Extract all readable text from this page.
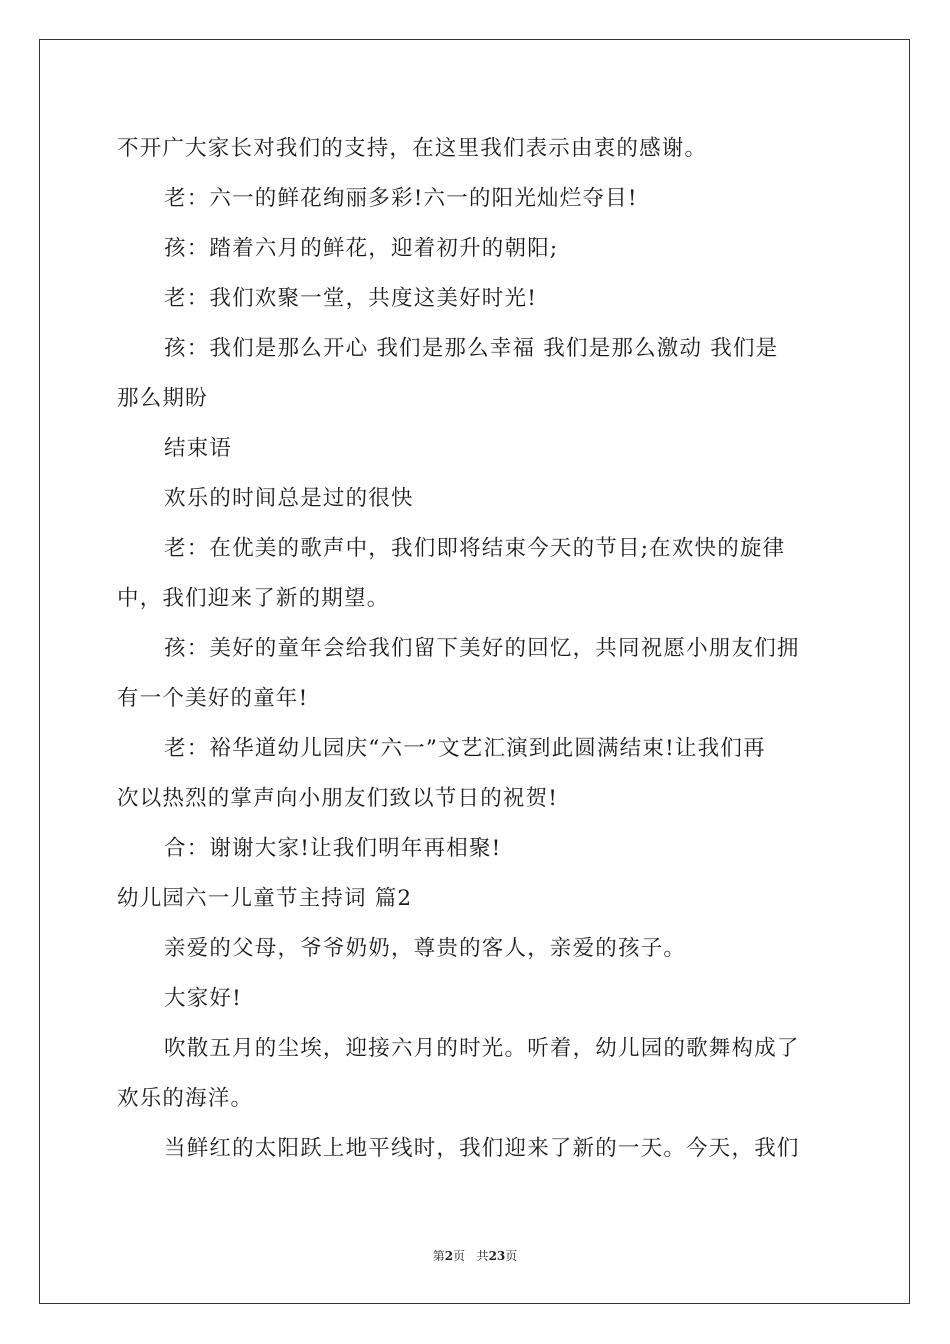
不开广大家长对我们的支持，在这里我们表示由衷的感谢。
老：六一的鲜花绚丽多彩!六一的阳光灿烂夺目!
孩：踏着六月的鲜花，迎着初升的朝阳;
老：我们欢聚一堂，共度这美好时光!
孩：我们是那么开心 我们是那么幸福 我们是那么激动 我们是
那么期盼
结束语
欢乐的时间总是过的很快
老：在优美的歌声中，我们即将结束今天的节目;在欢快的旋律
中，我们迎来了新的期望。
孩：美好的童年会给我们留下美好的回忆，共同祝愿小朋友们拥
有一个美好的童年!
老：裕华道幼儿园庆“六一”文艺汇演到此圆满结束!让我们再
次以热烈的掌声向小朋友们致以节日的祝贺!
合：谢谢大家!让我们明年再相聚!
幼儿园六一儿童节主持词 篇2
亲爱的父母，爷爷奶奶，尊贵的客人，亲爱的孩子。
大家好!
吹散五月的尘埃，迎接六月的时光。听着，幼儿园的歌舞构成了
欢乐的海洋。
当鲜红的太阳跃上地平线时，我们迎来了新的一天。今天，我们
第2页 共23页
